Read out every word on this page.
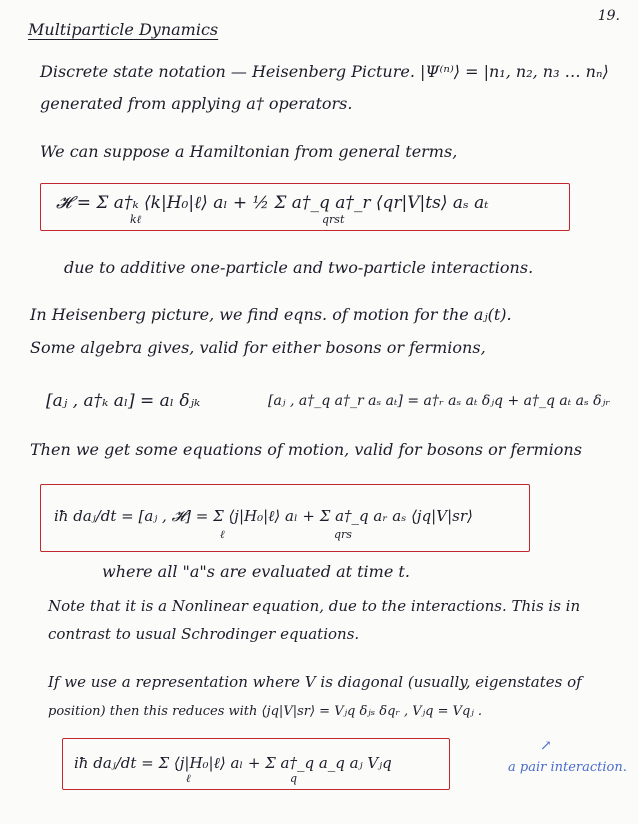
19.
Multiparticle Dynamics
Discrete state notation — Heisenberg Picture. |Ψ⁽ⁿ⁾⟩ = |n₁, n₂, n₃ … nₙ⟩
generated from applying a† operators.
We can suppose a Hamiltonian from general terms,
𝓗 = Σ a†ₖ ⟨k|H₀|ℓ⟩ aₗ + ½ Σ a†_q a†_r ⟨qr|V|ts⟩ aₛ aₜ
kℓ	qrst
due to additive one-particle and two-particle interactions.
In Heisenberg picture, we find eqns. of motion for the aⱼ(t).
Some algebra gives, valid for either bosons or fermions,
[aⱼ , a†ₖ aₗ] = aₗ δⱼₖ	[aⱼ , a†_q a†_r aₛ aₜ] = a†ᵣ aₛ aₜ δⱼq + a†_q aₜ aₛ δⱼᵣ
Then we get some equations of motion, valid for bosons or fermions
iħ daⱼ/dt = [aⱼ , 𝓗] = Σ ⟨j|H₀|ℓ⟩ aₗ + Σ a†_q aᵣ aₛ ⟨jq|V|sr⟩
ℓ	qrs
where all "a"s are evaluated at time t.
Note that it is a Nonlinear equation, due to the interactions. This is in
contrast to usual Schrodinger equations.
If we use a representation where V is diagonal (usually, eigenstates of
position) then this reduces with ⟨jq|V|sr⟩ = Vⱼq δⱼₛ δqᵣ , Vⱼq = Vqⱼ .
iħ daⱼ/dt = Σ ⟨j|H₀|ℓ⟩ aₗ + Σ a†_q a_q aⱼ Vⱼq
ℓ	q
↗
a pair interaction.
